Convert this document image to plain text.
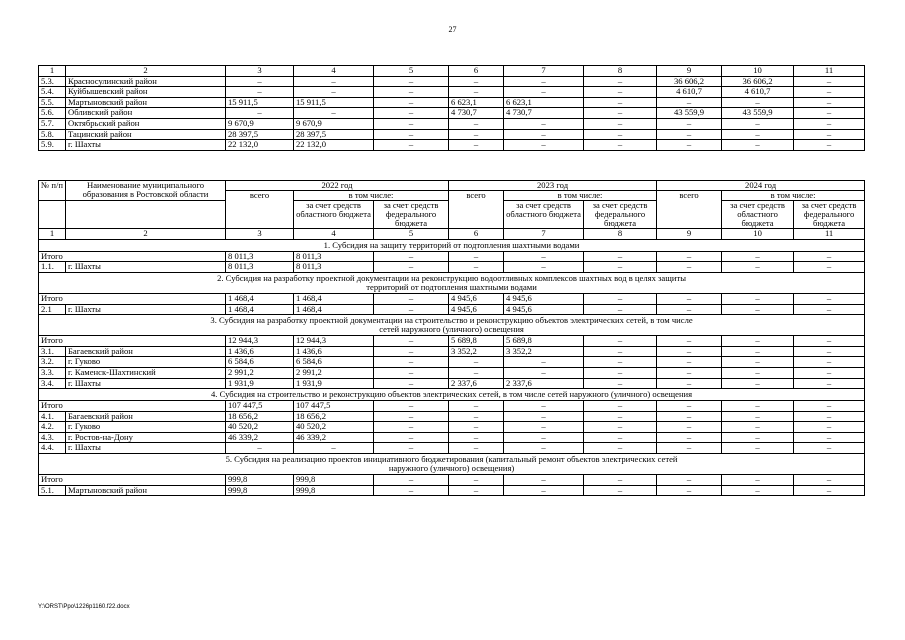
27
1	2	3	4	5	6	7	8	9	10	11
5.3.	Красносулинский район	–	–	–	–	–	–	36 606,2	36 606,2	–
5.4.	Куйбышевский район	–	–	–	–	–	–	4 610,7	4 610,7	–
5.5.	Мартыновский район	15 911,5	15 911,5	–	6 623,1	6 623,1	–	–	–	–
5.6.	Обливский район	–	–	–	4 730,7	4 730,7	–	43 559,9	43 559,9	–
5.7.	Октябрьский район	9 670,9	9 670,9	–	–	–	–	–	–	–
5.8.	Тацинский район	28 397,5	28 397,5	–	–	–	–	–	–	–
5.9.	г. Шахты	22 132,0	22 132,0	–	–	–	–	–	–	–
№ п/п	Наименование муниципального образования в Ростовской области	2022 год			2023 год			2024 год		
		всего	в том числе:		всего	в том числе:		всего	в том числе:	
			за счет средств областного бюджета	за счет средств федерального бюджета		за счет средств областного бюджета	за счет средств федерального бюджета		за счет средств областного бюджета	за счет средств федерального бюджета
1	2	3	4	5	6	7	8	9	10	11
1. Субсидия на защиту территорий от подтопления шахтными водами										
Итого		8 011,3	8 011,3	–	–	–	–	–	–	–
1.1.	г. Шахты	8 011,3	8 011,3	–	–	–	–	–	–	–
2. Субсидия на разработку проектной документации на реконструкцию водоотливных комплексов шахтных вод в целях защиты территорий от подтопления шахтными водами										
Итого		1 468,4	1 468,4	–	4 945,6	4 945,6	–	–	–	–
2.1	г. Шахты	1 468,4	1 468,4	–	4 945,6	4 945,6	–	–	–	–
3. Субсидия на разработку проектной документации на строительство и реконструкцию объектов электрических сетей, в том числе сетей наружного (уличного) освещения										
Итого		12 944,3	12 944,3	–	5 689,8	5 689,8	–	–	–	–
3.1.	Багаевский район	1 436,6	1 436,6	–	3 352,2	3 352,2	–	–	–	–
3.2.	г. Гуково	6 584,6	6 584,6	–	–	–	–	–	–	–
3.3.	г. Каменск-Шахтинский	2 991,2	2 991,2	–	–	–	–	–	–	–
3.4.	г. Шахты	1 931,9	1 931,9	–	2 337,6	2 337,6	–	–	–	–
4. Субсидия на строительство и реконструкцию объектов электрических сетей, в том числе сетей наружного (уличного) освещения										
Итого		107 447,5	107 447,5	–	–	–	–	–	–	–
4.1.	Багаевский район	18 656,2	18 656,2	–	–	–	–	–	–	–
4.2.	г. Гуково	40 520,2	40 520,2	–	–	–	–	–	–	–
4.3.	г. Ростов-на-Дону	46 339,2	46 339,2	–	–	–	–	–	–	–
4.4.	г. Шахты	–	–	–	–	–	–	–	–	–
5. Субсидия на реализацию проектов инициативного бюджетирования (капитальный ремонт объектов электрических сетей наружного (уличного) освещения)										
Итого		999,8	999,8	–	–	–	–	–	–	–
5.1.	Мартыновский район	999,8	999,8	–	–	–	–	–	–	–
Y:\ORST\Ppo\1226p1160.f22.docx
